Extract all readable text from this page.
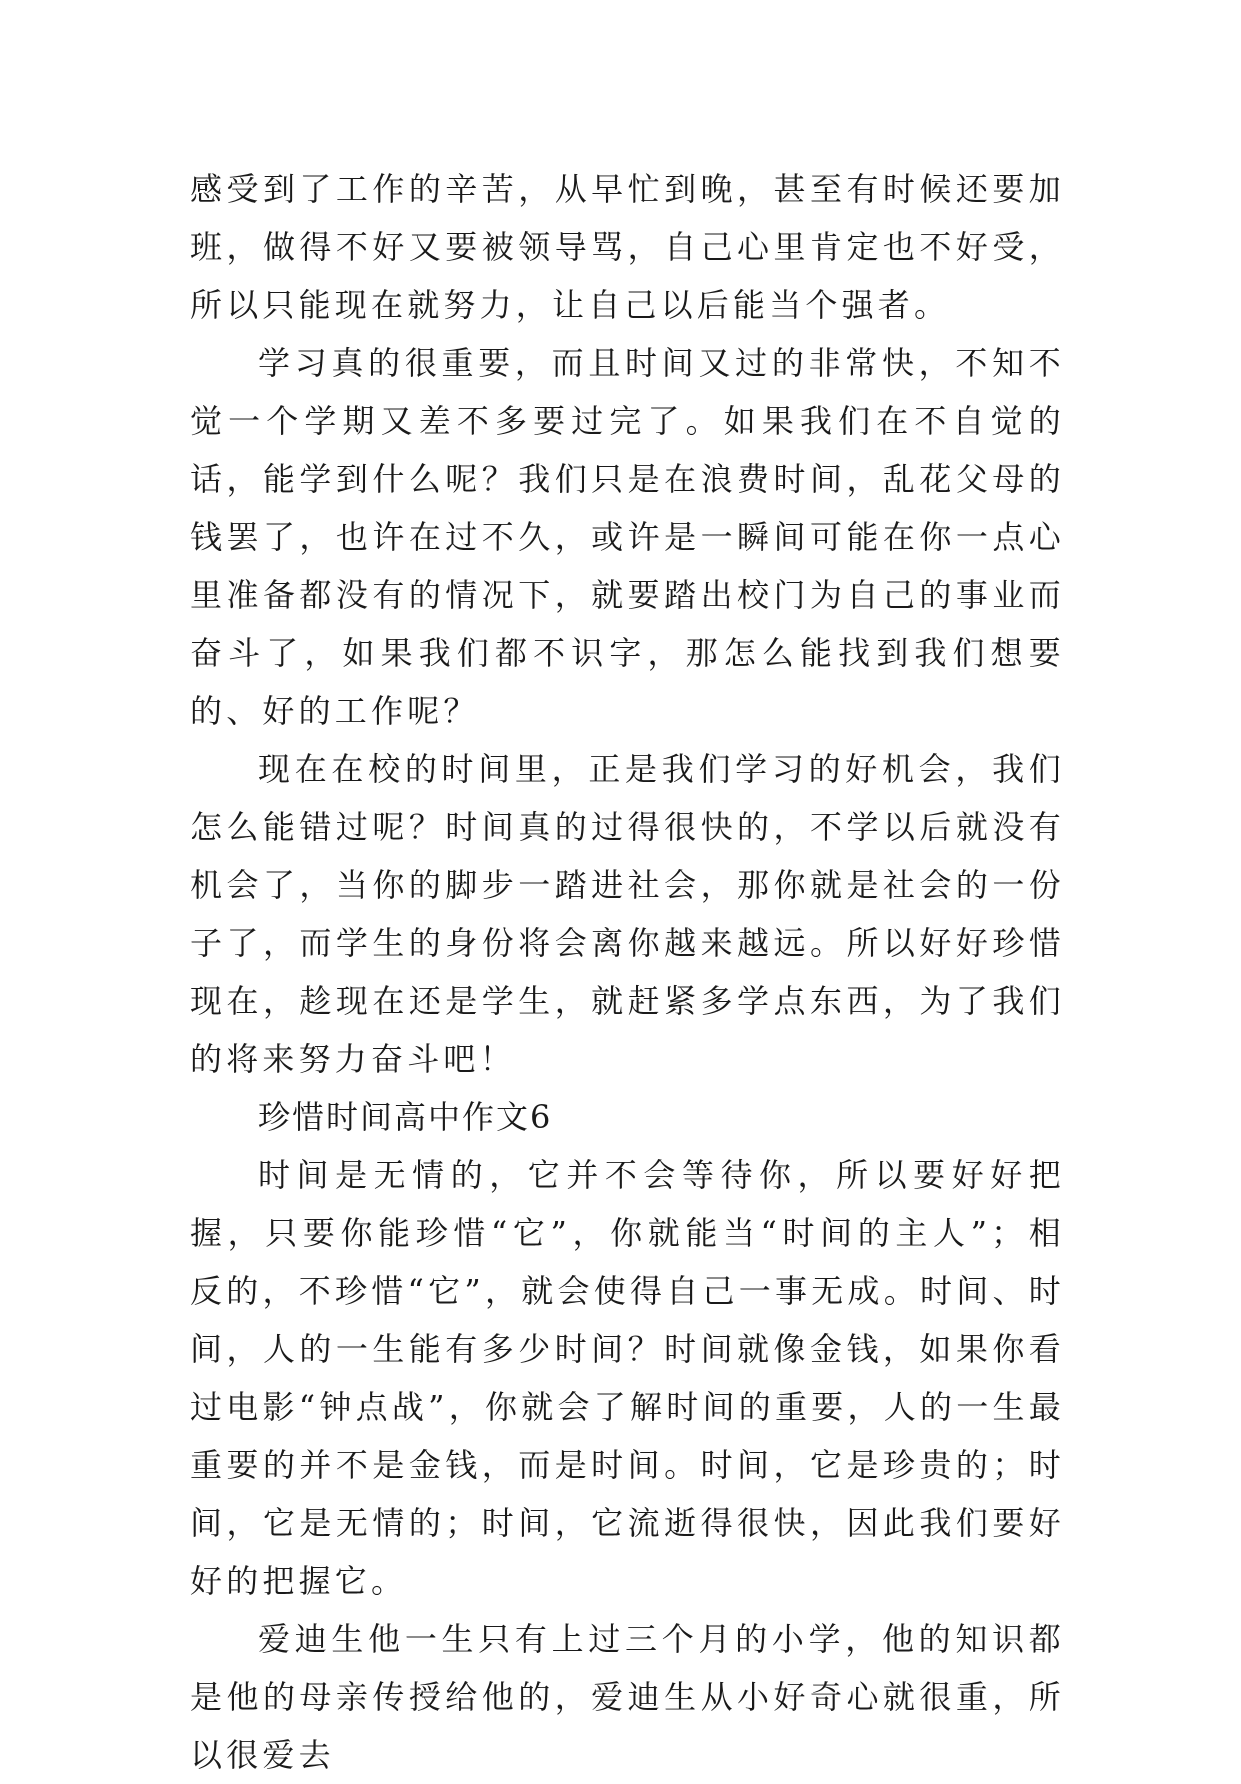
感受到了工作的辛苦，从早忙到晚，甚至有时候还要加班，做得不好又要被领导骂，自己心里肯定也不好受，所以只能现在就努力，让自己以后能当个强者。

学习真的很重要，而且时间又过的非常快，不知不觉一个学期又差不多要过完了。如果我们在不自觉的话，能学到什么呢？我们只是在浪费时间，乱花父母的钱罢了，也许在过不久，或许是一瞬间可能在你一点心里准备都没有的情况下，就要踏出校门为自己的事业而奋斗了，如果我们都不识字，那怎么能找到我们想要的、好的工作呢？

现在在校的时间里，正是我们学习的好机会，我们怎么能错过呢？时间真的过得很快的，不学以后就没有机会了，当你的脚步一踏进社会，那你就是社会的一份子了，而学生的身份将会离你越来越远。所以好好珍惜现在，趁现在还是学生，就赶紧多学点东西，为了我们的将来努力奋斗吧！

珍惜时间高中作文6

时间是无情的，它并不会等待你，所以要好好把握，只要你能珍惜“它”，你就能当“时间的主人”；相反的，不珍惜“它”，就会使得自己一事无成。时间、时间，人的一生能有多少时间？时间就像金钱，如果你看过电影“钟点战”，你就会了解时间的重要，人的一生最重要的并不是金钱，而是时间。时间，它是珍贵的；时间，它是无情的；时间，它流逝得很快，因此我们要好好的把握它。

爱迪生他一生只有上过三个月的小学，他的知识都是他的母亲传授给他的，爱迪生从小好奇心就很重，所以很爱去
